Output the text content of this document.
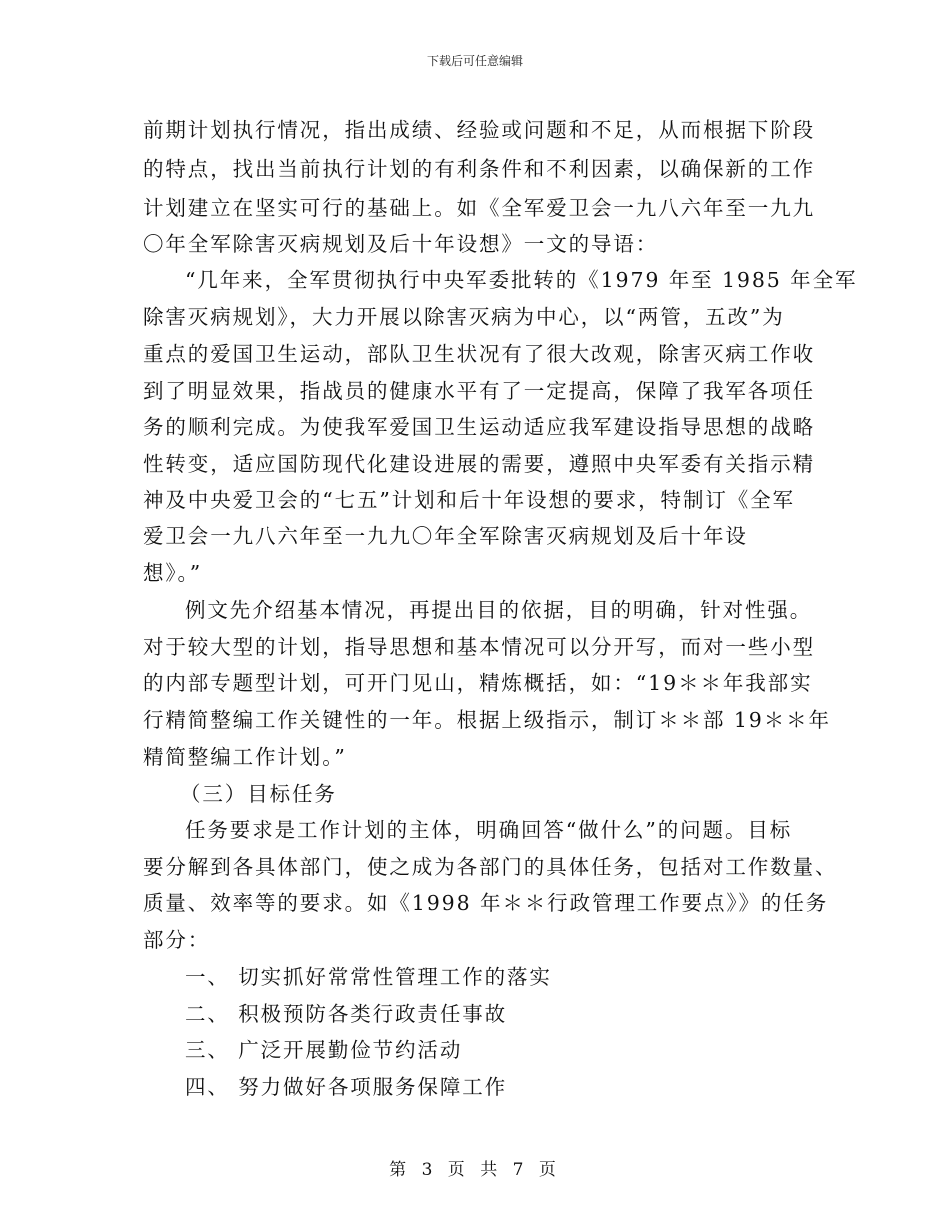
下载后可任意编辑
前期计划执行情况，指出成绩、经验或问题和不足，从而根据下阶段
的特点，找出当前执行计划的有利条件和不利因素，以确保新的工作
计划建立在坚实可行的基础上。如《全军爱卫会一九八六年至一九九
〇年全军除害灭病规划及后十年设想》一文的导语：
“几年来，全军贯彻执行中央军委批转的《1979 年至 1985 年全军
除害灭病规划》，大力开展以除害灭病为中心，以“两管，五改”为
重点的爱国卫生运动，部队卫生状况有了很大改观，除害灭病工作收
到了明显效果，指战员的健康水平有了一定提高，保障了我军各项任
务的顺利完成。为使我军爱国卫生运动适应我军建设指导思想的战略
性转变，适应国防现代化建设进展的需要，遵照中央军委有关指示精
神及中央爱卫会的“七五”计划和后十年设想的要求，特制订《全军
爱卫会一九八六年至一九九〇年全军除害灭病规划及后十年设
想》。”
例文先介绍基本情况，再提出目的依据，目的明确，针对性强。
对于较大型的计划，指导思想和基本情况可以分开写，而对一些小型
的内部专题型计划，可开门见山，精炼概括，如：“19＊＊年我部实
行精简整编工作关键性的一年。根据上级指示，制订＊＊部 19＊＊年
精简整编工作计划。”
（三）目标任务
任务要求是工作计划的主体，明确回答“做什么”的问题。目标
要分解到各具体部门，使之成为各部门的具体任务，包括对工作数量、
质量、效率等的要求。如《1998 年＊＊行政管理工作要点》》的任务
部分：
一、 切实抓好常常性管理工作的落实
二、 积极预防各类行政责任事故
三、 广泛开展勤俭节约活动
四、 努力做好各项服务保障工作
第 3 页 共 7 页
